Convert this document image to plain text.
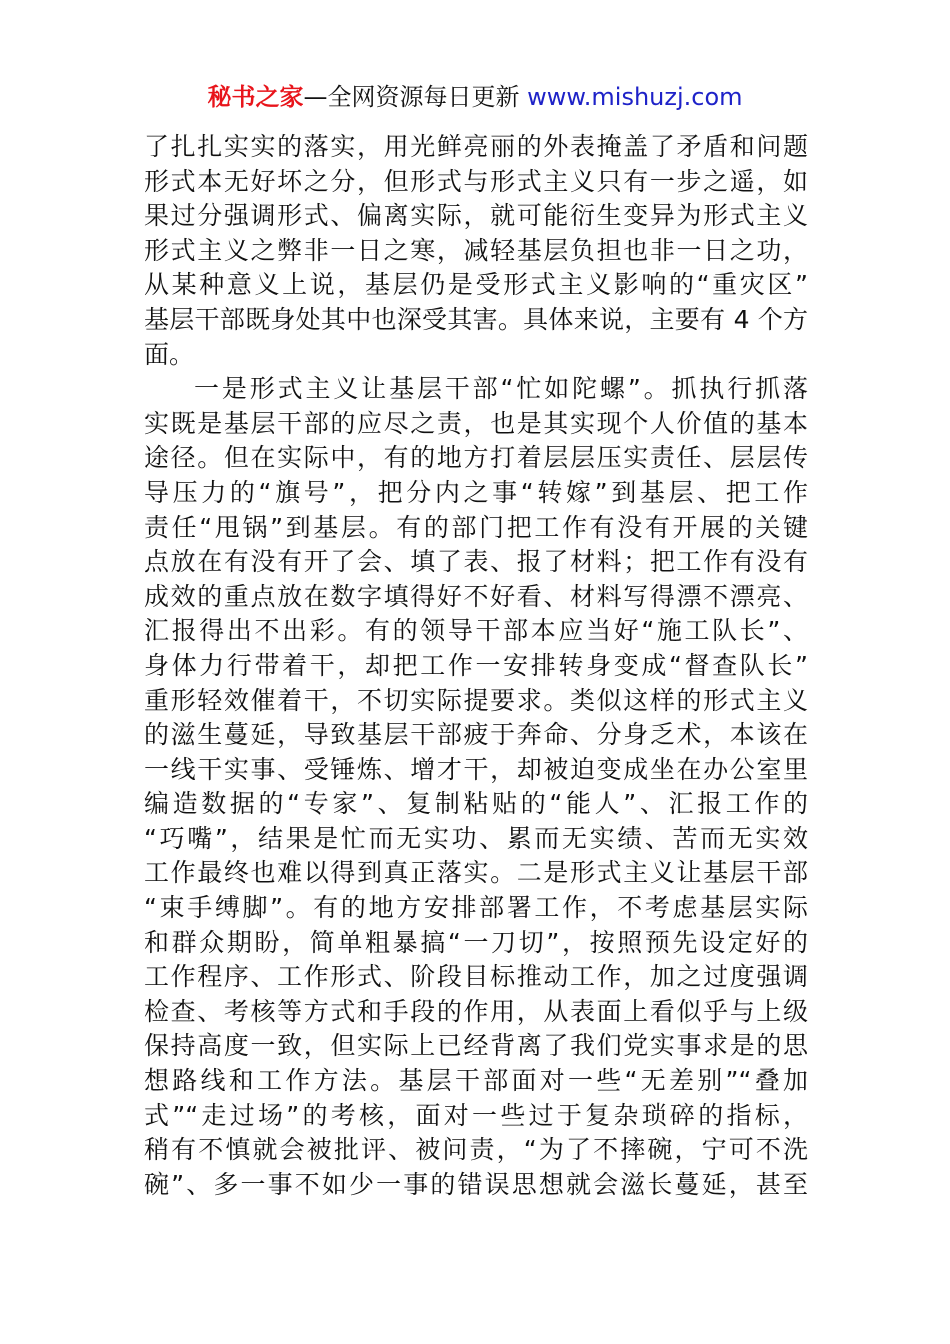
秘书之家—全网资源每日更新 www.mishuzj.com
了扎扎实实的落实，用光鲜亮丽的外表掩盖了矛盾和问题
形式本无好坏之分，但形式与形式主义只有一步之遥，如
果过分强调形式、偏离实际，就可能衍生变异为形式主义
形式主义之弊非一日之寒，减轻基层负担也非一日之功，
从某种意义上说，基层仍是受形式主义影响的“重灾区”
基层干部既身处其中也深受其害。具体来说，主要有 4 个方
面。
一是形式主义让基层干部“忙如陀螺”。抓执行抓落
实既是基层干部的应尽之责，也是其实现个人价值的基本
途径。但在实际中，有的地方打着层层压实责任、层层传
导压力的“旗号”，把分内之事“转嫁”到基层、把工作
责任“甩锅”到基层。有的部门把工作有没有开展的关键
点放在有没有开了会、填了表、报了材料；把工作有没有
成效的重点放在数字填得好不好看、材料写得漂不漂亮、
汇报得出不出彩。有的领导干部本应当好“施工队长”、
身体力行带着干，却把工作一安排转身变成“督查队长”
重形轻效催着干，不切实际提要求。类似这样的形式主义
的滋生蔓延，导致基层干部疲于奔命、分身乏术，本该在
一线干实事、受锤炼、增才干，却被迫变成坐在办公室里
编造数据的“专家”、复制粘贴的“能人”、汇报工作的
“巧嘴”，结果是忙而无实功、累而无实绩、苦而无实效
工作最终也难以得到真正落实。二是形式主义让基层干部
“束手缚脚”。有的地方安排部署工作，不考虑基层实际
和群众期盼，简单粗暴搞“一刀切”，按照预先设定好的
工作程序、工作形式、阶段目标推动工作，加之过度强调
检查、考核等方式和手段的作用，从表面上看似乎与上级
保持高度一致，但实际上已经背离了我们党实事求是的思
想路线和工作方法。基层干部面对一些“无差别”“叠加
式”“走过场”的考核，面对一些过于复杂琐碎的指标，
稍有不慎就会被批评、被问责，“为了不摔碗，宁可不洗
碗”、多一事不如少一事的错误思想就会滋长蔓延，甚至
